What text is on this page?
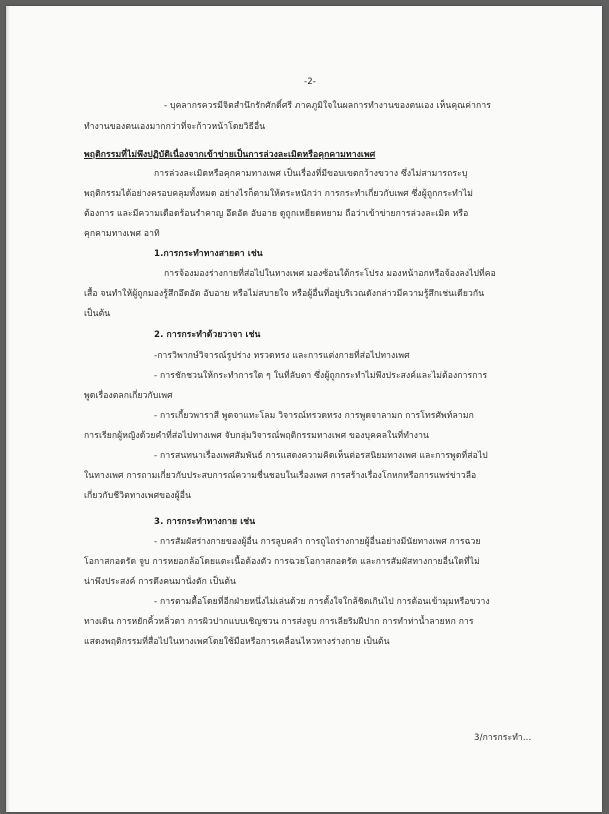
-2-
- บุคลากรควรมีจิตสำนึกรักศักดิ์ศรี ภาคภูมิใจในผลการทำงานของตนเอง เห็นคุณค่าการ
ทำงานของตนเองมากกว่าที่จะก้าวหน้าโดยวิธีอื่น
พฤติกรรมที่ไม่พึงปฏิบัติเนื่องจากเข้าข่ายเป็นการล่วงละเมิดหรือคุกคามทางเพศ
การล่วงละเมิดหรือคุกคามทางเพศ เป็นเรื่องที่มีขอบเขตกว้างขวาง ซึ่งไม่สามารถระบุ
พฤติกรรมได้อย่างครอบคลุมทั้งหมด อย่างไรก็ตามให้ตระหนักว่า การกระทำเกี่ยวกับเพศ ซึ่งผู้ถูกกระทำไม่
ต้องการ และมีความเดือดร้อนรำคาญ อึดอัด อับอาย ดูถูกเหยียดหยาม ถือว่าเข้าข่ายการล่วงละเมิด หรือ
คุกคามทางเพศ อาทิ
1.การกระทำทางสายตา เช่น
การจ้องมองร่างกายที่ส่อไปในทางเพศ มองซ้อนใต้กระโปรง มองหน้าอกหรือจ้องลงไปที่คอ
เสื้อ จนทำให้ผู้ถูกมองรู้สึกอึดอัด อับอาย หรือไม่สบายใจ หรือผู้อื่นที่อยู่บริเวณดังกล่าวมีความรู้สึกเช่นเดียวกัน
เป็นต้น
2. การกระทำด้วยวาจา เช่น
-การวิพากษ์วิจารณ์รูปร่าง ทรวดทรง และการแต่งกายที่ส่อไปทางเพศ
- การชักชวนให้กระทำการใด ๆ ในที่ลับตา ซึ่งผู้ถูกกระทำไม่พึงประสงค์และไม่ต้องการการ
พูดเรื่องตลกเกี่ยวกับเพศ
- การเกี้ยวพาราสี พูดจาแทะโลม วิจารณ์ทรวดทรง การพูดจาลามก การโทรศัพท์ลามก
การเรียกผู้หญิงด้วยคำที่ส่อไปทางเพศ จับกลุ่มวิจารณ์พฤติกรรมทางเพศ ของบุคคลในที่ทำงาน
- การสนทนาเรื่องเพศสัมพันธ์ การแสดงความคิดเห็นต่อรสนิยมทางเพศ และการพูดที่ส่อไป
ในทางเพศ การถามเกี่ยวกับประสบการณ์ความชื่นชอบในเรื่องเพศ การสร้างเรื่องโกหกหรือการแพร่ข่าวลือ
เกี่ยวกับชีวิตทางเพศของผู้อื่น
3. การกระทำทางกาย เช่น
- การสัมผัสร่างกายของผู้อื่น การลูบคลำ การถูไถร่างกายผู้อื่นอย่างมีนัยทางเพศ การฉวย
โอกาสกอดรัด จูบ การหยอกล้อโดยแตะเนื้อต้องตัว การฉวยโอกาสกอดรัด และการสัมผัสทางกายอื่นใดที่ไม่
น่าพึงประสงค์ การดึงคนมานั่งตัก เป็นต้น
- การตามตื้อโดยที่อีกฝ่ายหนึ่งไม่เล่นด้วย การตั้งใจใกล้ชิดเกินไป การต้อนเข้ามุมหรือขวาง
ทางเดิน การหยักคิ้วหลิ่วตา การผิวปากแบบเชิญชวน การส่งจูบ การเลียริมฝีปาก การทำท่าน้ำลายหก การ
แสดงพฤติกรรมที่สื่อไปในทางเพศโดยใช้มือหรือการเคลื่อนไหวทางร่างกาย เป็นต้น
3/การกระทำ...
